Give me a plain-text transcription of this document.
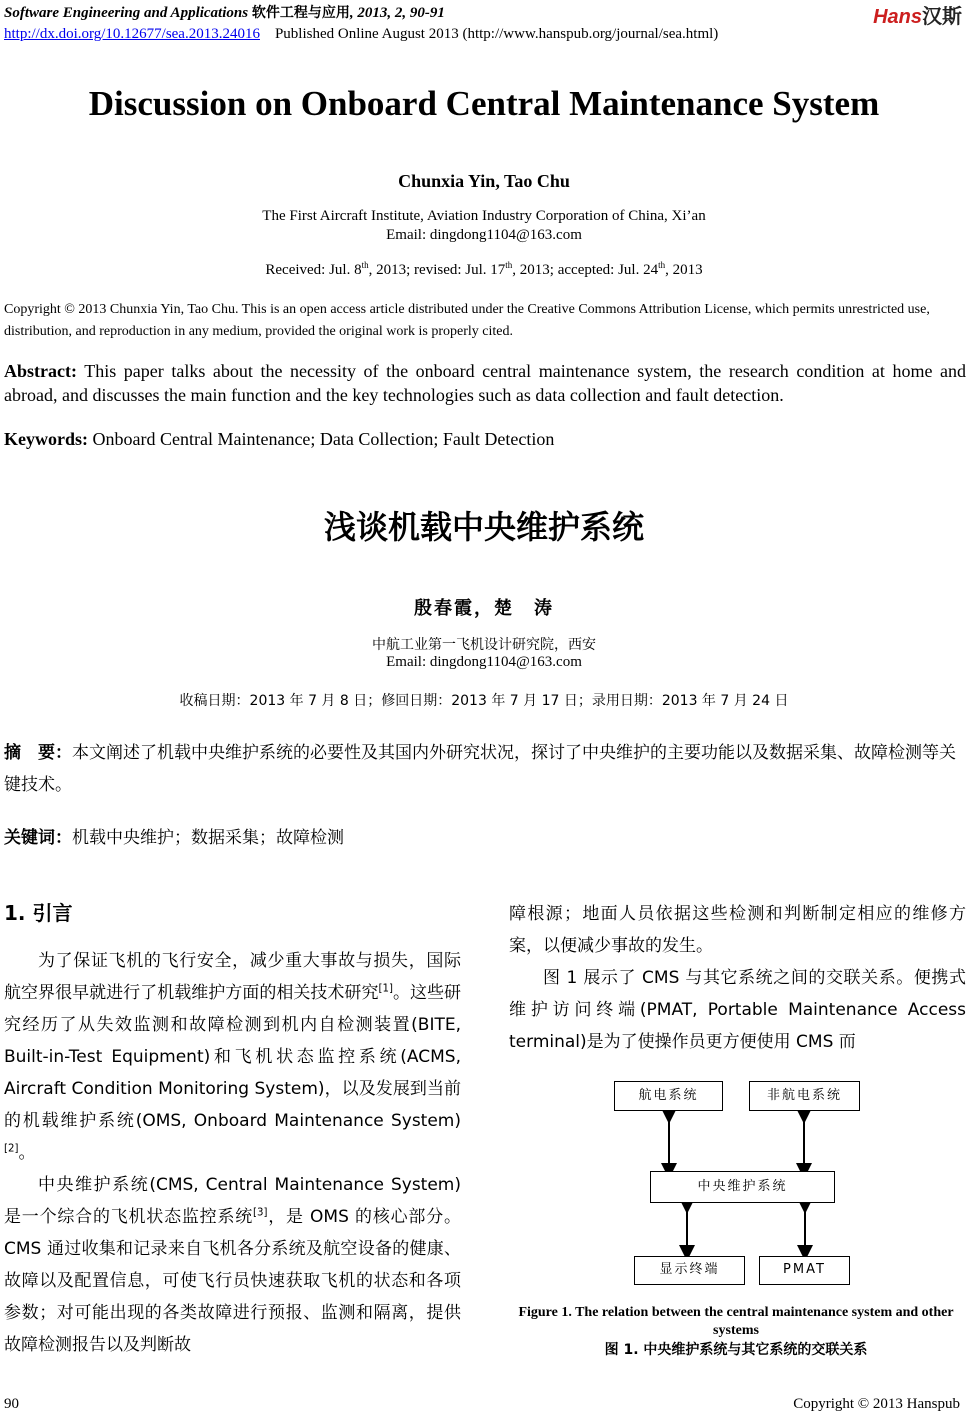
Software Engineering and Applications 软件工程与应用, 2013, 2, 90-91
http://dx.doi.org/10.12677/sea.2013.24016 Published Online August 2013 (http://www.hanspub.org/journal/sea.html)
Hans汉斯
Discussion on Onboard Central Maintenance System
Chunxia Yin, Tao Chu
The First Aircraft Institute, Aviation Industry Corporation of China, Xi’an
Email: dingdong1104@163.com
Received: Jul. 8th, 2013; revised: Jul. 17th, 2013; accepted: Jul. 24th, 2013
Copyright © 2013 Chunxia Yin, Tao Chu. This is an open access article distributed under the Creative Commons Attribution License, which permits unrestricted use, distribution, and reproduction in any medium, provided the original work is properly cited.
Abstract: This paper talks about the necessity of the onboard central maintenance system, the research condition at home and abroad, and discusses the main function and the key technologies such as data collection and fault detection.
Keywords: Onboard Central Maintenance; Data Collection; Fault Detection
浅谈机载中央维护系统
殷春霞，楚　涛
中航工业第一飞机设计研究院，西安
Email: dingdong1104@163.com
收稿日期：2013 年 7 月 8 日；修回日期：2013 年 7 月 17 日；录用日期：2013 年 7 月 24 日
摘　要：本文阐述了机载中央维护系统的必要性及其国内外研究状况，探讨了中央维护的主要功能以及数据采集、故障检测等关键技术。
关键词：机载中央维护；数据采集；故障检测
1. 引言

为了保证飞机的飞行安全，减少重大事故与损失，国际航空界很早就进行了机载维护方面的相关技术研究[1]。这些研究经历了从失效监测和故障检测到机内自检测装置(BITE, Built-in-Test Equipment)和飞机状态监控系统(ACMS, Aircraft Condition Monitoring System)，以及发展到当前的机载维护系统(OMS, Onboard Maintenance System)[2]。

中央维护系统(CMS, Central Maintenance System)是一个综合的飞机状态监控系统[3]，是 OMS 的核心部分。CMS 通过收集和记录来自飞机各分系统及航空设备的健康、故障以及配置信息，可使飞行员快速获取飞机的状态和各项参数；对可能出现的各类故障进行预报、监测和隔离，提供故障检测报告以及判断故

障根源；地面人员依据这些检测和判断制定相应的维修方案，以便减少事故的发生。

图 1 展示了 CMS 与其它系统之间的交联关系。便携式维护访问终端(PMAT, Portable Maintenance Access terminal)是为了使操作员更方便使用 CMS 而

航电系统	非航电系统
中央维护系统
显示终端	PMAT
Figure 1. The relation between the central maintenance system and other systems
图 1. 中央维护系统与其它系统的交联关系
90	Copyright © 2013 Hanspub
